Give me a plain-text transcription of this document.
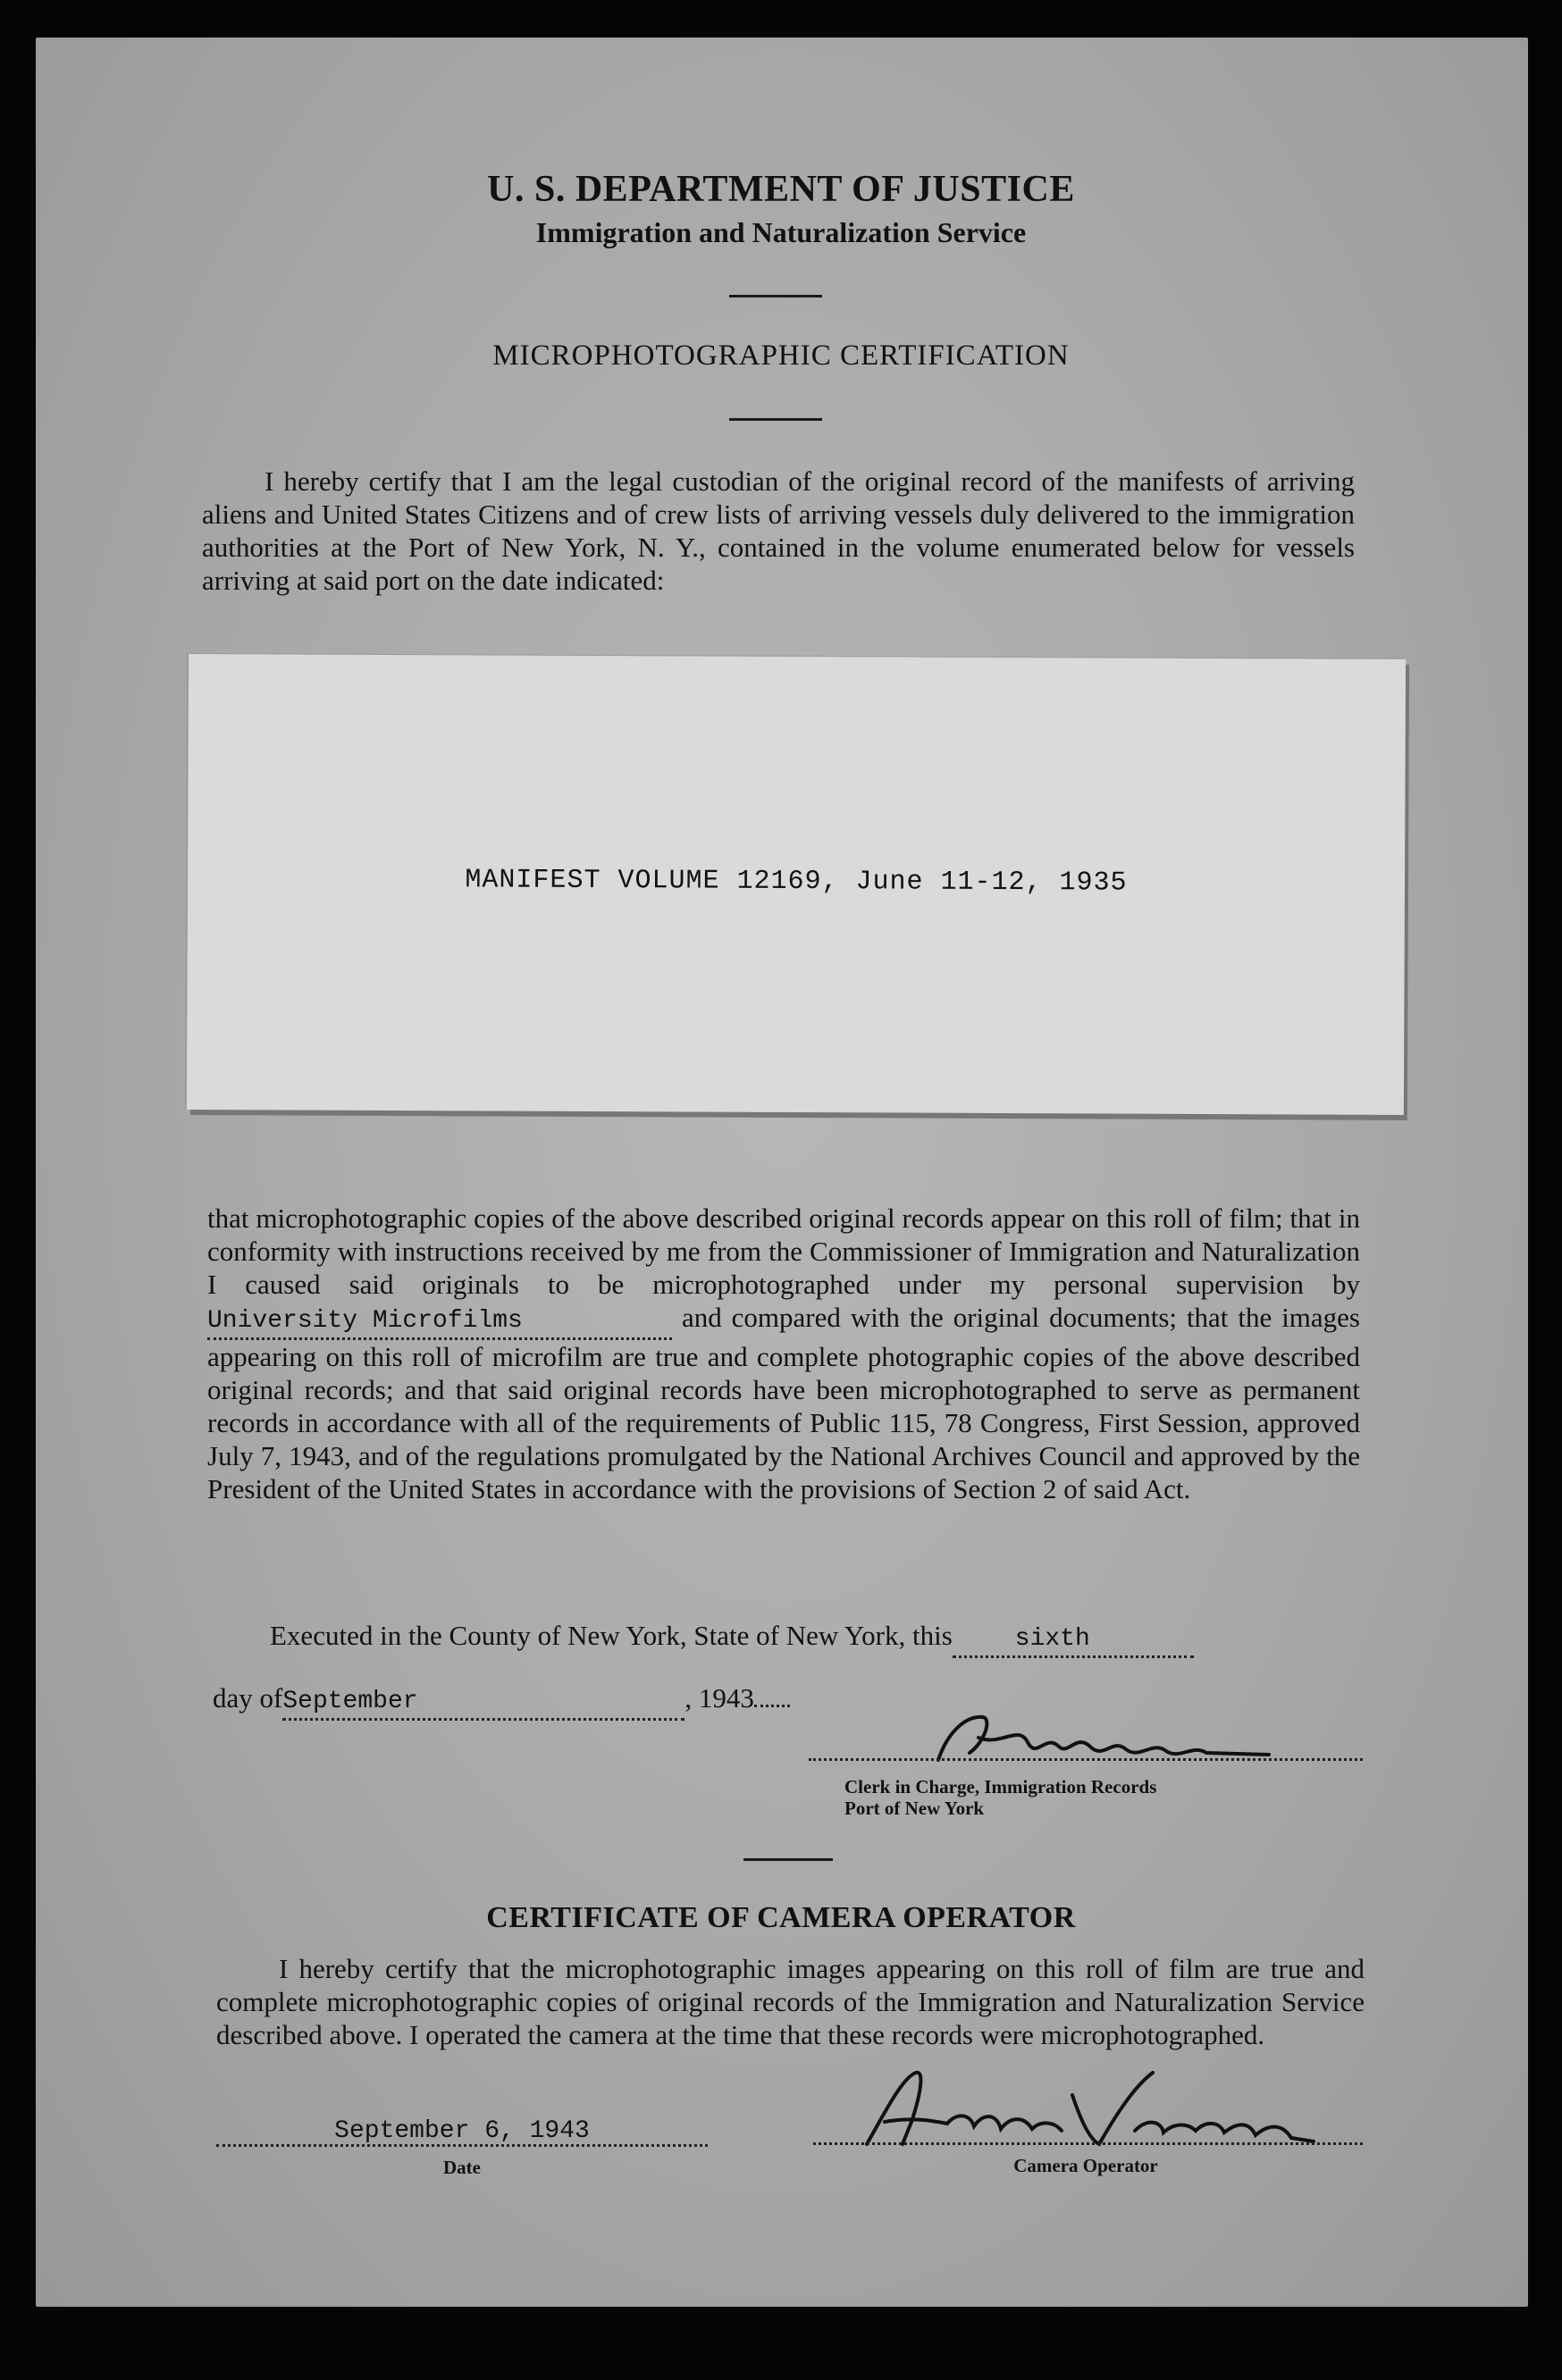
U. S. DEPARTMENT OF JUSTICE
Immigration and Naturalization Service
MICROPHOTOGRAPHIC CERTIFICATION

I hereby certify that I am the legal custodian of the original record of the manifests of arriving aliens and United States Citizens and of crew lists of arriving vessels duly delivered to the immigration authorities at the Port of New York, N. Y., contained in the volume enumerated below for vessels arriving at said port on the date indicated:

MANIFEST VOLUME 12169, June 11-12, 1935

that microphotographic copies of the above described original records appear on this roll of film; that in conformity with instructions received by me from the Commissioner of Immigration and Naturalization I caused said originals to be microphotographed under my personal supervision by University Microfilms	and compared with the original documents; that the images appearing on this roll of microfilm are true and complete photographic copies of the above described original records; and that said original records have been microphotographed to serve as permanent records in accordance with all of the requirements of Public 115, 78 Congress, First Session, approved July 7, 1943, and of the regulations promulgated by the National Archives Council and approved by the President of the United States in accordance with the provisions of Section 2 of said Act.

Executed in the County of New York, State of New York, this	sixth

day ofSeptember	, 1943
Clerk in Charge, Immigration Records
Port of New York
CERTIFICATE OF CAMERA OPERATOR

I hereby certify that the microphotographic images appearing on this roll of film are true and complete microphotographic copies of original records of the Immigration and Naturalization Service described above. I operated the camera at the time that these records were microphotographed.

September 6, 1943
Date	Camera Operator
